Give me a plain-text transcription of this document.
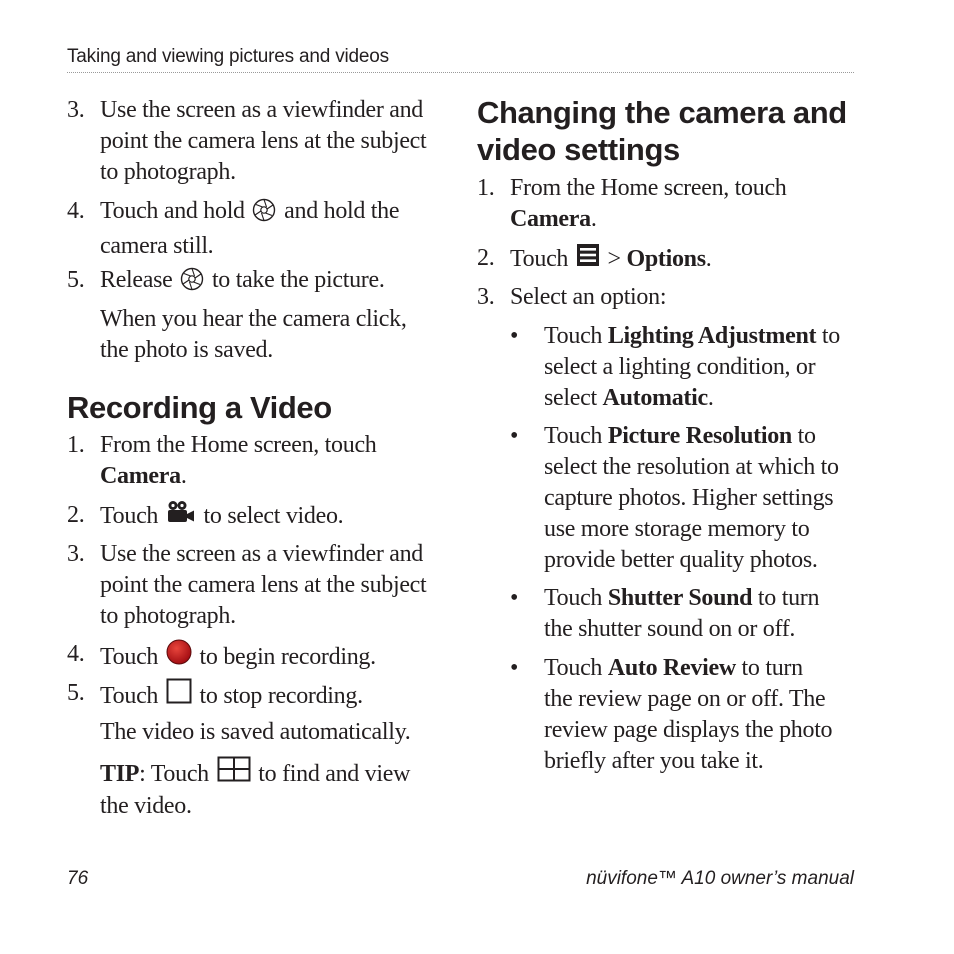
Taking and viewing pictures and videos
3. Use the screen as a viewfinder and
point the camera lens at the subject
to photograph.
4. Touch and hold and hold the
camera still.
5. Release to take the picture.
When you hear the camera click,
the photo is saved.
Recording a Video
1. From the Home screen, touch
Camera.
2. Touch to select video.
3. Use the screen as a viewfinder and
point the camera lens at the subject
to photograph.
4. Touch to begin recording.
5. Touch to stop recording.
The video is saved automatically.
TIP: Touch to find and view
the video.
Changing the camera and
video settings
1. From the Home screen, touch
Camera.
2. Touch > Options.
3. Select an option:
• Touch Lighting Adjustment to
select a lighting condition, or
select Automatic.
• Touch Picture Resolution to
select the resolution at which to
capture photos. Higher settings
use more storage memory to
provide better quality photos.
• Touch Shutter Sound to turn
the shutter sound on or off.
• Touch Auto Review to turn
the review page on or off. The
review page displays the photo
briefly after you take it.
76	nüvifone™ A10 owner’s manual
